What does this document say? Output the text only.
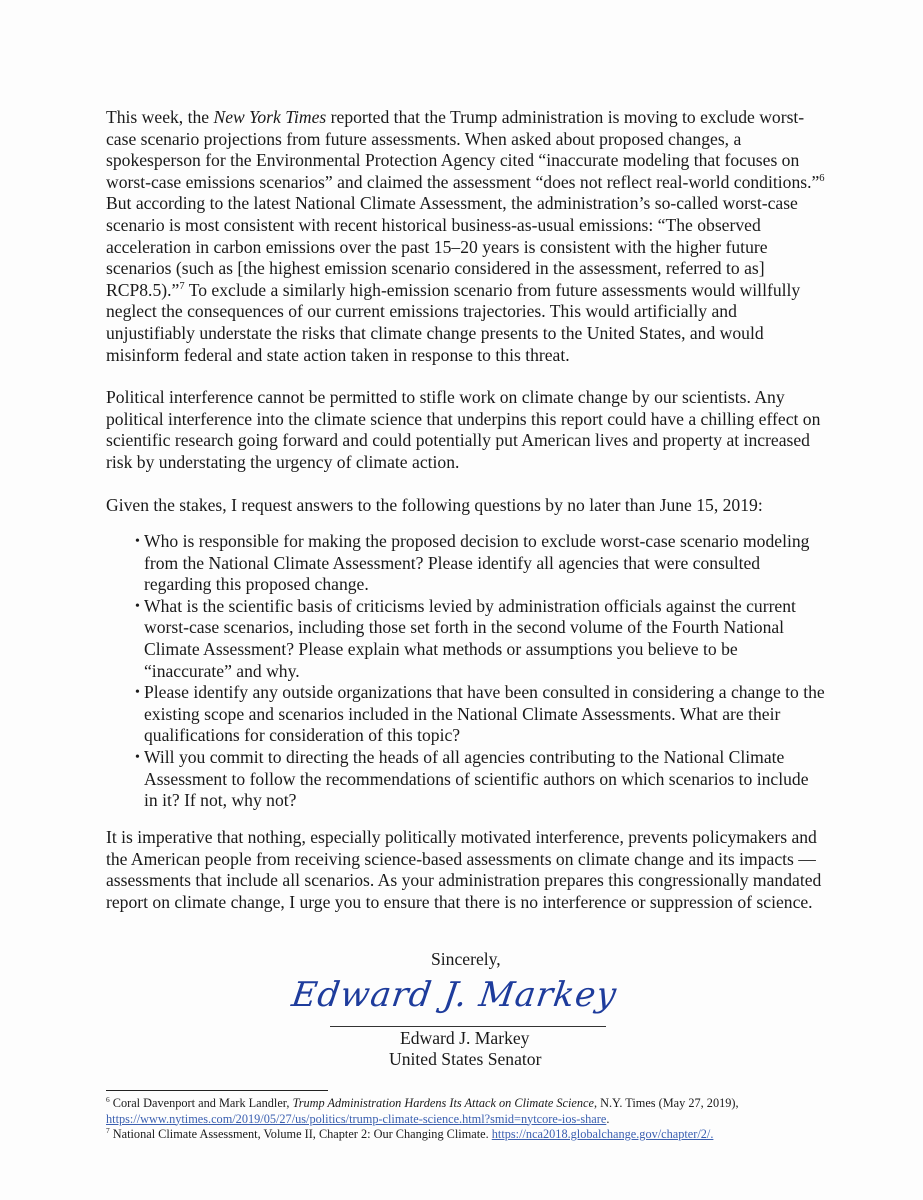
This week, the New York Times reported that the Trump administration is moving to exclude worst-case scenario projections from future assessments. When asked about proposed changes, a spokesperson for the Environmental Protection Agency cited “inaccurate modeling that focuses on worst-case emissions scenarios” and claimed the assessment “does not reflect real-world conditions.”$^6$ But according to the latest National Climate Assessment, the administration’s so-called worst-case scenario is most consistent with recent historical business-as-usual emissions: “The observed acceleration in carbon emissions over the past 15–20 years is consistent with the higher future scenarios (such as [the highest emission scenario considered in the assessment, referred to as] RCP8.5).”$^7$ To exclude a similarly high-emission scenario from future assessments would willfully neglect the consequences of our current emissions trajectories. This would artificially and unjustifiably understate the risks that climate change presents to the United States, and would misinform federal and state action taken in response to this threat.

Political interference cannot be permitted to stifle work on climate change by our scientists. Any political interference into the climate science that underpins this report could have a chilling effect on scientific research going forward and could potentially put American lives and property at increased risk by understating the urgency of climate action.

Given the stakes, I request answers to the following questions by no later than June 15, 2019:

• Who is responsible for making the proposed decision to exclude worst-case scenario modeling from the National Climate Assessment? Please identify all agencies that were consulted regarding this proposed change.
• What is the scientific basis of criticisms levied by administration officials against the current worst-case scenarios, including those set forth in the second volume of the Fourth National Climate Assessment? Please explain what methods or assumptions you believe to be “inaccurate” and why.
• Please identify any outside organizations that have been consulted in considering a change to the existing scope and scenarios included in the National Climate Assessments. What are their qualifications for consideration of this topic?
• Will you commit to directing the heads of all agencies contributing to the National Climate Assessment to follow the recommendations of scientific authors on which scenarios to include in it? If not, why not?

It is imperative that nothing, especially politically motivated interference, prevents policymakers and the American people from receiving science-based assessments on climate change and its impacts — assessments that include all scenarios. As your administration prepares this congressionally mandated report on climate change, I urge you to ensure that there is no interference or suppression of science.

Sincerely,
Edward J. Markey
Edward J. Markey
United States Senator

$^6$ Coral Davenport and Mark Landler, Trump Administration Hardens Its Attack on Climate Science, N.Y. Times (May 27, 2019), https://www.nytimes.com/2019/05/27/us/politics/trump-climate-science.html?smid=nytcore-ios-share.

$^7$ National Climate Assessment, Volume II, Chapter 2: Our Changing Climate. https://nca2018.globalchange.gov/chapter/2/.
